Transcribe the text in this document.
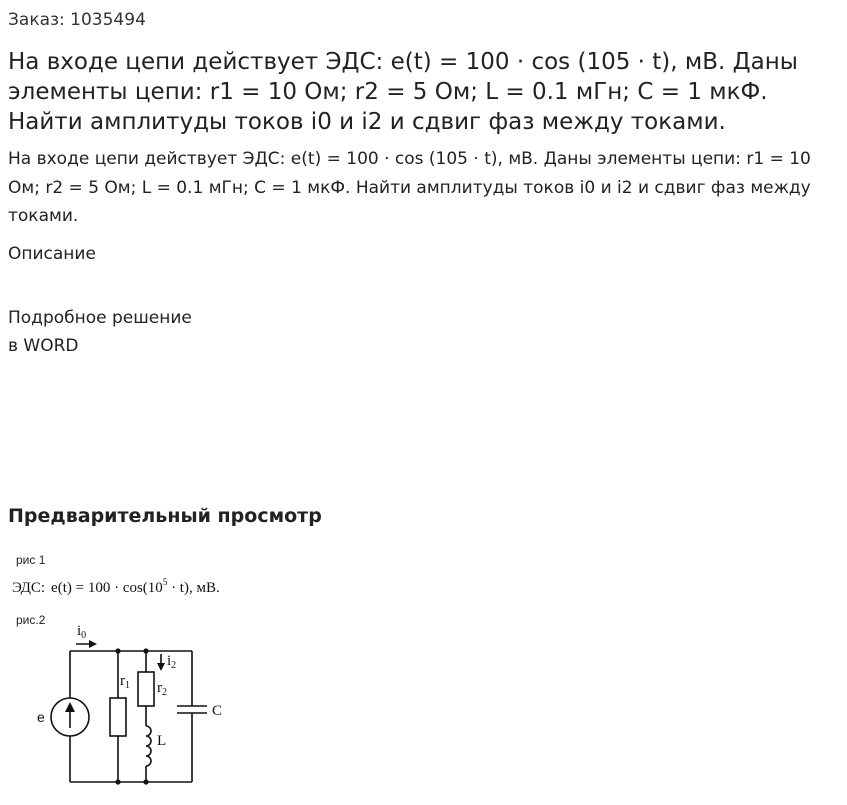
Заказ: 1035494
На входе цепи действует ЭДС: e(t) = 100 · cos (105 · t), мВ. Даны элементы цепи: r1 = 10 Ом; r2 = 5 Ом; L = 0.1 мГн; C = 1 мкФ. Найти амплитуды токов i0 и i2 и сдвиг фаз между токами.

На входе цепи действует ЭДС: e(t) = 100 · cos (105 · t), мВ. Даны элементы цепи: r1 = 10 Ом; r2 = 5 Ом; L = 0.1 мГн; C = 1 мкФ. Найти амплитуды токов i0 и i2 и сдвиг фаз между токами.

Описание
Подробное решение
в WORD
Предварительный просмотр
рис 1
ЭДС: $e(t) = 100 \cdot \cos(10^5 \cdot t)$, мВ.
рис.2
e
$i_0$
$i_2$
$r_1$ $r_2$
L
C
